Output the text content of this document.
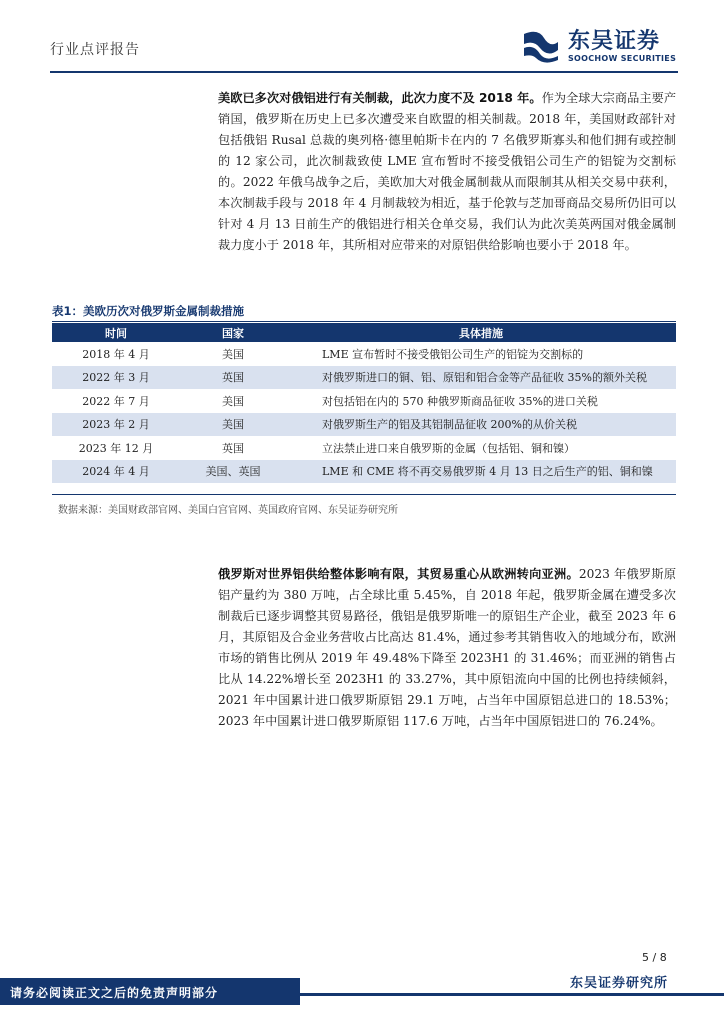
行业点评报告	东吴证券
SOOCHOW SECURITIES

美欧已多次对俄铝进行有关制裁，此次力度不及 2018 年。作为全球大宗商品主要产销国，俄罗斯在历史上已多次遭受来自欧盟的相关制裁。2018 年，美国财政部针对包括俄铝 Rusal 总裁的奥列格·德里帕斯卡在内的 7 名俄罗斯寡头和他们拥有或控制的 12 家公司，此次制裁致使 LME 宣布暂时不接受俄铝公司生产的铝锭为交割标的。2022 年俄乌战争之后，美欧加大对俄金属制裁从而限制其从相关交易中获利，本次制裁手段与 2018 年 4 月制裁较为相近，基于伦敦与芝加哥商品交易所仍旧可以针对 4 月 13 日前生产的俄铝进行相关仓单交易，我们认为此次美英两国对俄金属制裁力度小于 2018 年，其所相对应带来的对原铝供给影响也要小于 2018 年。

表1：美欧历次对俄罗斯金属制裁措施
时间	国家	具体措施
2018 年 4 月	美国	LME 宣布暂时不接受俄铝公司生产的铝锭为交割标的
2022 年 3 月	英国	对俄罗斯进口的铜、铝、原铝和铝合金等产品征收 35%的额外关税
2022 年 7 月	美国	对包括铝在内的 570 种俄罗斯商品征收 35%的进口关税
2023 年 2 月	美国	对俄罗斯生产的铝及其铝制品征收 200%的从价关税
2023 年 12 月	英国	立法禁止进口来自俄罗斯的金属（包括铝、铜和镍）
2024 年 4 月	美国、英国	LME 和 CME 将不再交易俄罗斯 4 月 13 日之后生产的铝、铜和镍
数据来源：美国财政部官网、美国白宫官网、英国政府官网、东吴证券研究所

俄罗斯对世界铝供给整体影响有限，其贸易重心从欧洲转向亚洲。2023 年俄罗斯原铝产量约为 380 万吨，占全球比重 5.45%，自 2018 年起，俄罗斯金属在遭受多次制裁后已逐步调整其贸易路径，俄铝是俄罗斯唯一的原铝生产企业，截至 2023 年 6 月，其原铝及合金业务营收占比高达 81.4%，通过参考其销售收入的地域分布，欧洲市场的销售比例从 2019 年 49.48%下降至 2023H1 的 31.46%；而亚洲的销售占比从 14.22%增长至 2023H1 的 33.27%，其中原铝流向中国的比例也持续倾斜，2021 年中国累计进口俄罗斯原铝 29.1 万吨，占当年中国原铝总进口的 18.53%；2023 年中国累计进口俄罗斯原铝 117.6 万吨，占当年中国原铝进口的 76.24%。

5 / 8
东吴证券研究所
请务必阅读正文之后的免责声明部分
